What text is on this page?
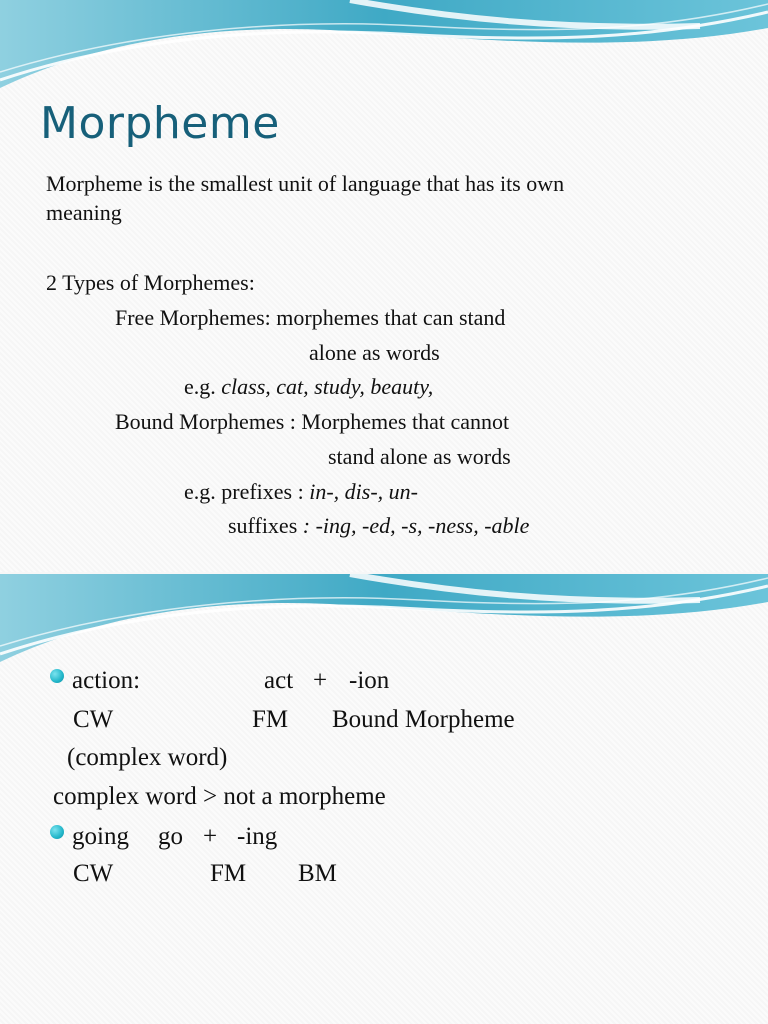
Morpheme
Morpheme is the smallest unit of language that has its own
meaning
2 Types of Morphemes:
Free Morphemes: morphemes that can stand
alone as words
e.g. class, cat, study, beauty,
Bound Morphemes : Morphemes that cannot
stand alone as words
e.g. prefixes : in-, dis-, un-
suffixes : -ing, -ed, -s, -ness, -able
action:	act + -ion
CW	FM Bound Morpheme
(complex word)
complex word > not a morpheme
going go + -ing
CW	FM BM
